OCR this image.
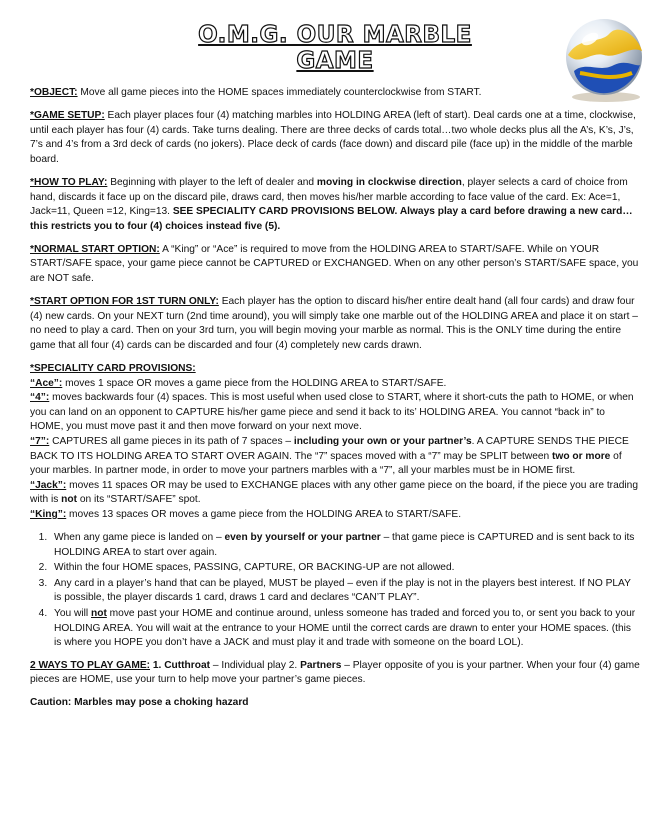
O.M.G. OUR MARBLE GAME

*OBJECT: Move all game pieces into the HOME spaces immediately counterclockwise from START.

*GAME SETUP: Each player places four (4) matching marbles into HOLDING AREA (left of start). Deal cards one at a time, clockwise, until each player has four (4) cards. Take turns dealing. There are three decks of cards total…two whole decks plus all the A’s, K’s, J’s, 7’s and 4’s from a 3rd deck of cards (no jokers). Place deck of cards (face down) and discard pile (face up) in the middle of the marble board.

*HOW TO PLAY: Beginning with player to the left of dealer and moving in clockwise direction, player selects a card of choice from hand, discards it face up on the discard pile, draws card, then moves his/her marble according to face value of the card. Ex: Ace=1, Jack=11, Queen =12, King=13. SEE SPECIALITY CARD PROVISIONS BELOW. Always play a card before drawing a new card…this restricts you to four (4) choices instead five (5).

*NORMAL START OPTION: A “King” or “Ace” is required to move from the HOLDING AREA to START/SAFE. While on YOUR START/SAFE space, your game piece cannot be CAPTURED or EXCHANGED. When on any other person’s START/SAFE space, you are NOT safe.

*START OPTION FOR 1ST TURN ONLY: Each player has the option to discard his/her entire dealt hand (all four cards) and draw four (4) new cards. On your NEXT turn (2nd time around), you will simply take one marble out of the HOLDING AREA and place it on start – no need to play a card. Then on your 3rd turn, you will begin moving your marble as normal. This is the ONLY time during the entire game that all four (4) cards can be discarded and four (4) completely new cards drawn.

*SPECIALITY CARD PROVISIONS:

“Ace”: moves 1 space OR moves a game piece from the HOLDING AREA to START/SAFE.

“4”: moves backwards four (4) spaces. This is most useful when used close to START, where it short-cuts the path to HOME, or when you can land on an opponent to CAPTURE his/her game piece and send it back to its’ HOLDING AREA. You cannot “back in” to HOME, you must move past it and then move forward on your next move.

“7”: CAPTURES all game pieces in its path of 7 spaces – including your own or your partner’s. A CAPTURE SENDS THE PIECE BACK TO ITS HOLDING AREA TO START OVER AGAIN. The “7” spaces moved with a “7” may be SPLIT between two or more of your marbles. In partner mode, in order to move your partners marbles with a “7”, all your marbles must be in HOME first.

“Jack”: moves 11 spaces OR may be used to EXCHANGE places with any other game piece on the board, if the piece you are trading with is not on its “START/SAFE” spot.

“King”: moves 13 spaces OR moves a game piece from the HOLDING AREA to START/SAFE.

1. When any game piece is landed on – even by yourself or your partner – that game piece is CAPTURED and is sent back to its HOLDING AREA to start over again.
2. Within the four HOME spaces, PASSING, CAPTURE, OR BACKING-UP are not allowed.
3. Any card in a player’s hand that can be played, MUST be played – even if the play is not in the players best interest. If NO PLAY is possible, the player discards 1 card, draws 1 card and declares “CAN’T PLAY”.
4. You will not move past your HOME and continue around, unless someone has traded and forced you to, or sent you back to your HOLDING AREA. You will wait at the entrance to your HOME until the correct cards are drawn to enter your HOME spaces. (this is where you HOPE you don’t have a JACK and must play it and trade with someone on the board LOL).

2 WAYS TO PLAY GAME: 1. Cutthroat – Individual play 2. Partners – Player opposite of you is your partner. When your four (4) game pieces are HOME, use your turn to help move your partner’s game pieces.

Caution: Marbles may pose a choking hazard
